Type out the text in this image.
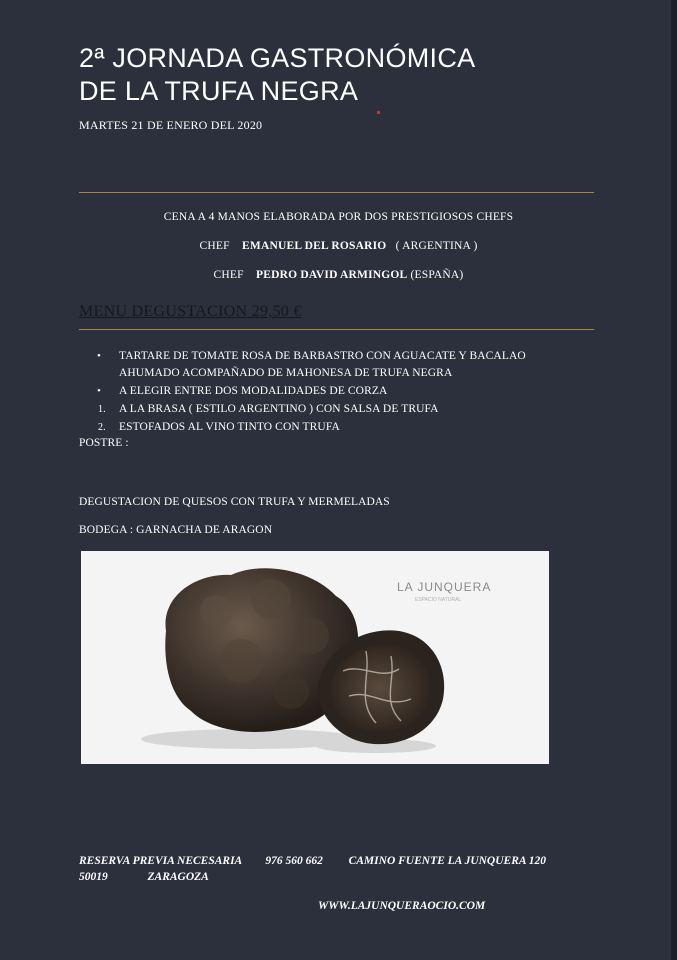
2ª JORNADA GASTRONÓMICA
DE LA TRUFA NEGRA
MARTES 21 DE ENERO DEL 2020
CENA A 4 MANOS ELABORADA POR DOS PRESTIGIOSOS CHEFS
CHEF EMANUEL DEL ROSARIO ( ARGENTINA )
CHEF PEDRO DAVID ARMINGOL (ESPAÑA)
MENU DEGUSTACION 29,50 €
• TARTARE DE TOMATE ROSA DE BARBASTRO CON AGUACATE Y BACALAO
AHUMADO ACOMPAÑADO DE MAHONESA DE TRUFA NEGRA
• A ELEGIR ENTRE DOS MODALIDADES DE CORZA
1. A LA BRASA ( ESTILO ARGENTINO ) CON SALSA DE TRUFA
2. ESTOFADOS AL VINO TINTO CON TRUFA
POSTRE :
DEGUSTACION DE QUESOS CON TRUFA Y MERMELADAS
BODEGA : GARNACHA DE ARAGON
LA JUNQUERA
ESPACIO NATURAL
RESERVA PREVIA NECESARIA 976 560 662 CAMINO FUENTE LA JUNQUERA 120
50019	ZARAGOZA
WWW.LAJUNQUERAOCIO.COM
